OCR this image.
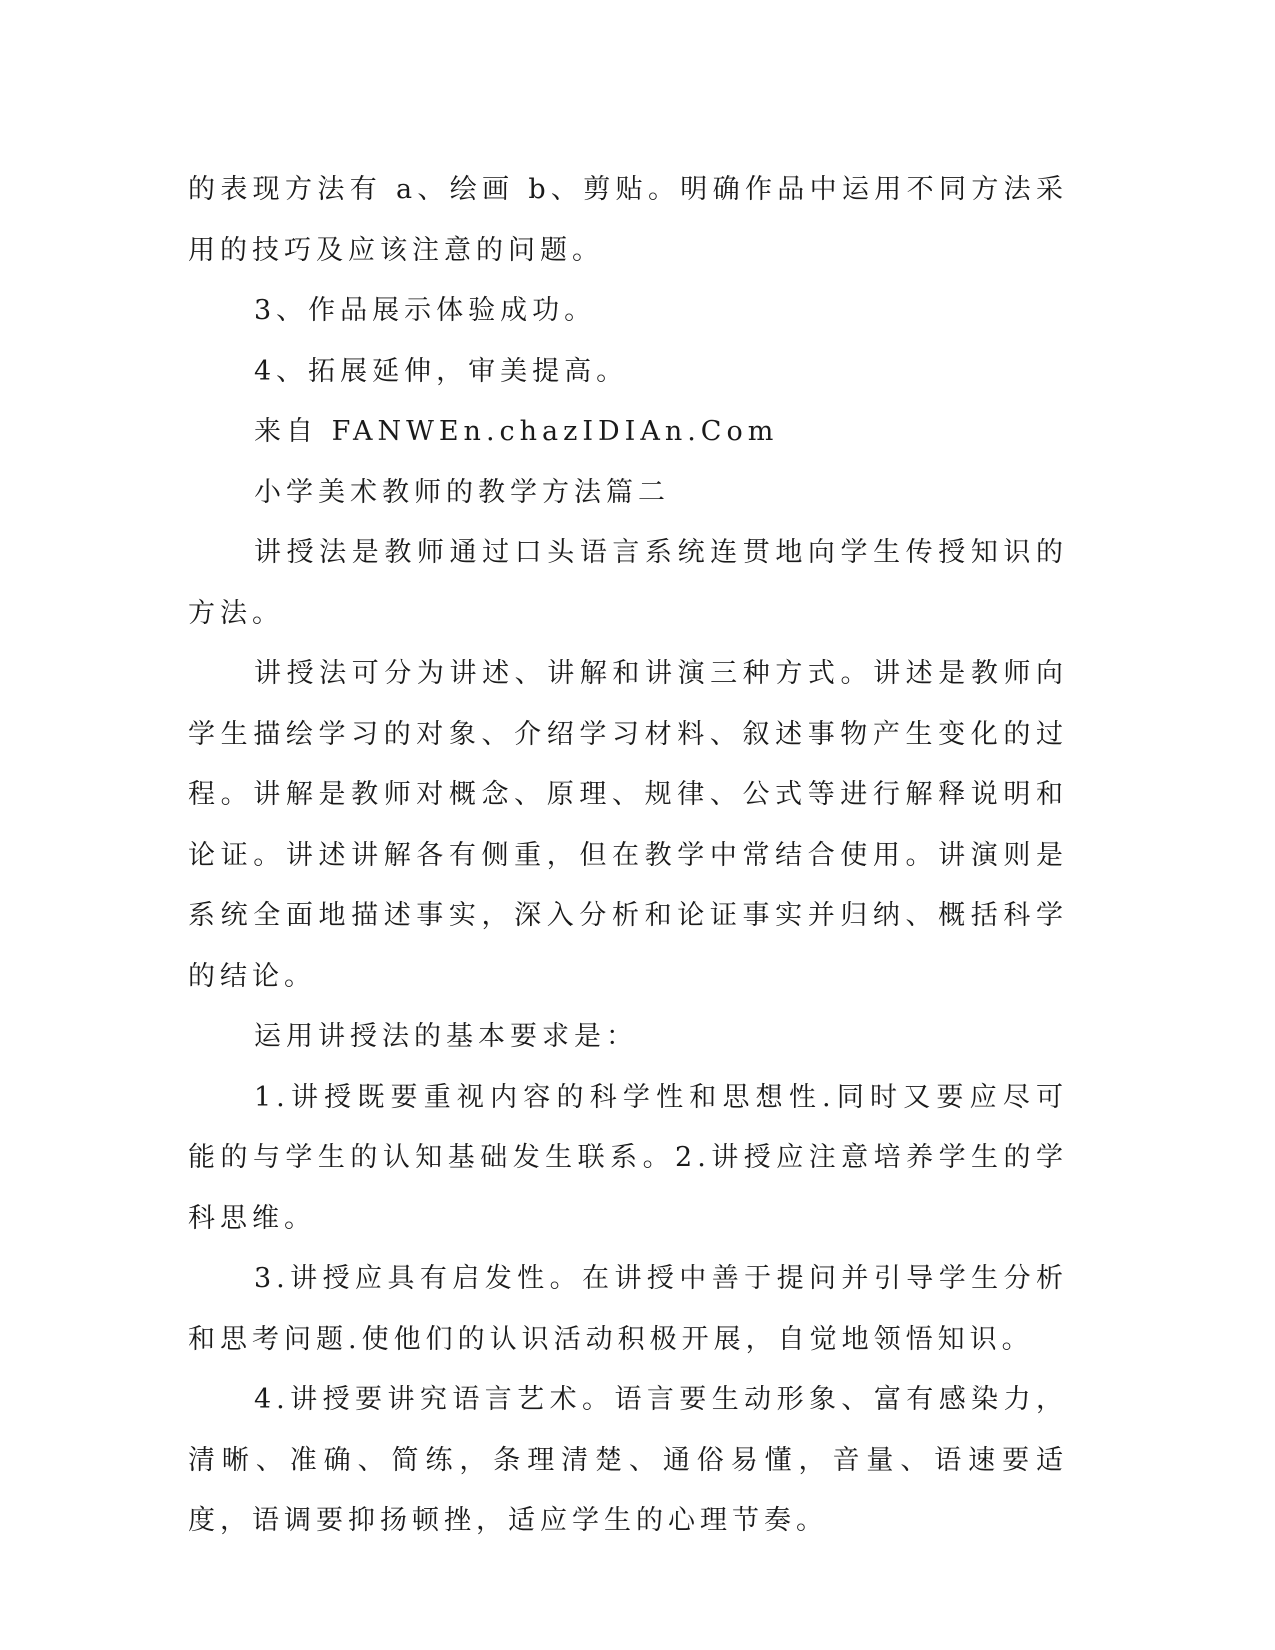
的表现方法有 a、绘画 b、剪贴。明确作品中运用不同方法采用的技巧及应该注意的问题。

3、作品展示体验成功。

4、拓展延伸，审美提高。

来自 FANWEn.chazIDIAn.Com

小学美术教师的教学方法篇二

讲授法是教师通过口头语言系统连贯地向学生传授知识的方法。

讲授法可分为讲述、讲解和讲演三种方式。讲述是教师向学生描绘学习的对象、介绍学习材料、叙述事物产生变化的过程。讲解是教师对概念、原理、规律、公式等进行解释说明和论证。讲述讲解各有侧重，但在教学中常结合使用。讲演则是系统全面地描述事实，深入分析和论证事实并归纳、概括科学的结论。

运用讲授法的基本要求是：

1.讲授既要重视内容的科学性和思想性.同时又要应尽可能的与学生的认知基础发生联系。2.讲授应注意培养学生的学科思维。

3.讲授应具有启发性。在讲授中善于提问并引导学生分析和思考问题.使他们的认识活动积极开展，自觉地领悟知识。

4.讲授要讲究语言艺术。语言要生动形象、富有感染力，清晰、准确、简练，条理清楚、通俗易懂，音量、语速要适度，语调要抑扬顿挫，适应学生的心理节奏。
